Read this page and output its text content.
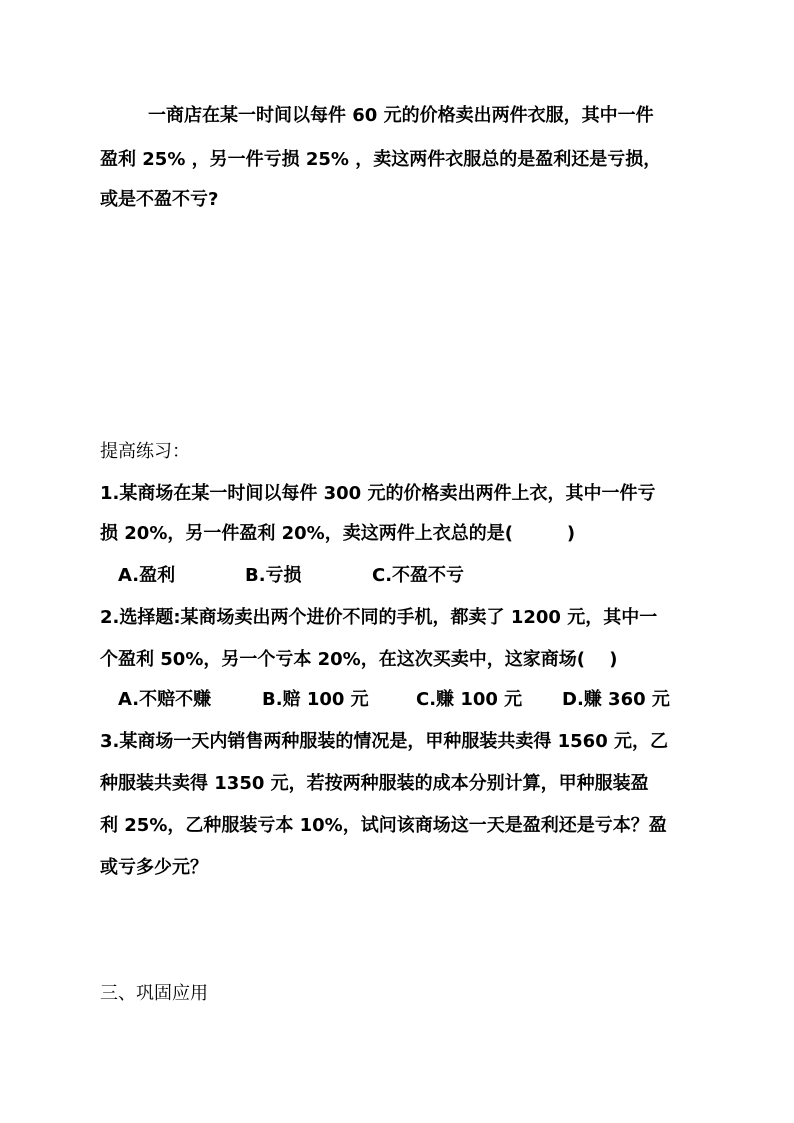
一商店在某一时间以每件 60 元的价格卖出两件衣服，其中一件
盈利 25% ，另一件亏损 25% ，卖这两件衣服总的是盈利还是亏损，
或是不盈不亏?
提高练习：
1.某商场在某一时间以每件 300 元的价格卖出两件上衣，其中一件亏
损 20%，另一件盈利 20%，卖这两件上衣总的是(　　　)
A.盈利	B.亏损	C.不盈不亏
2.选择题:某商场卖出两个进价不同的手机，都卖了 1200 元，其中一
个盈利 50%，另一个亏本 20%，在这次买卖中，这家商场(　 )
A.不赔不赚	B.赔 100 元	C.赚 100 元 D.赚 360 元
3.某商场一天内销售两种服装的情况是，甲种服装共卖得 1560 元，乙
种服装共卖得 1350 元，若按两种服装的成本分别计算，甲种服装盈
利 25%，乙种服装亏本 10%，试问该商场这一天是盈利还是亏本？盈
或亏多少元？
三、巩固应用
